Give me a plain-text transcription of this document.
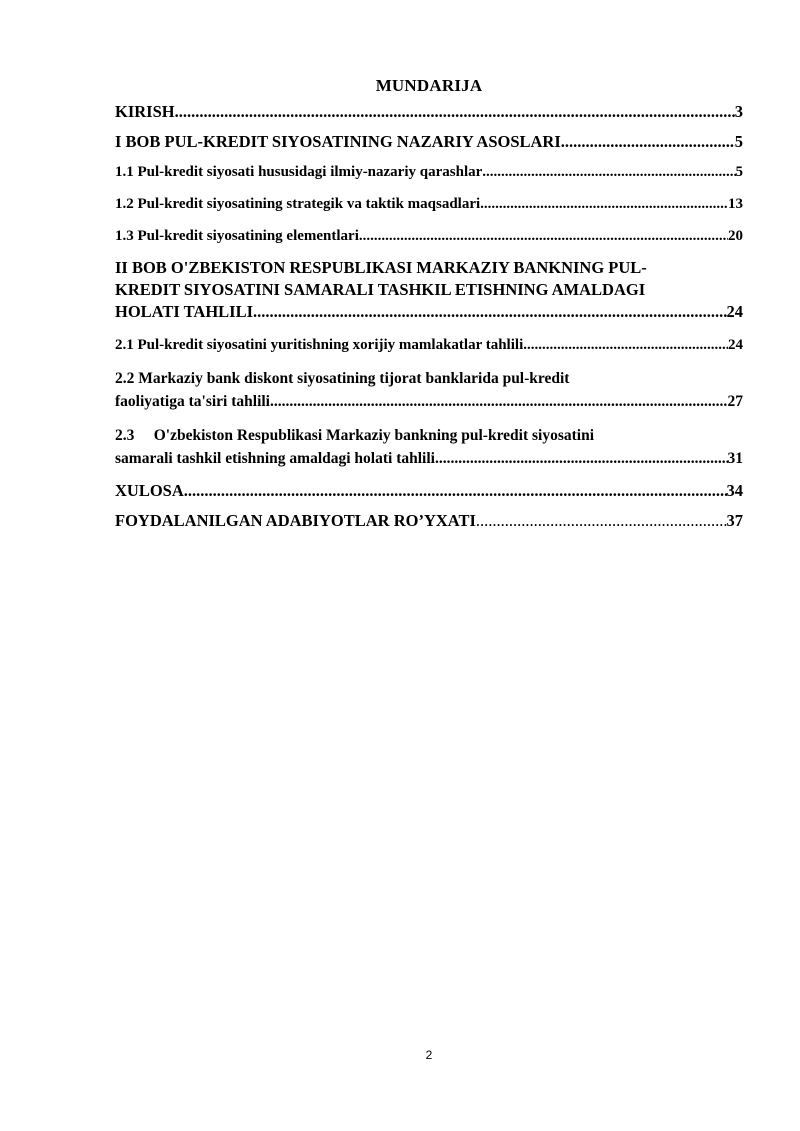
MUNDARIJA
KIRISH .....	3
I BOB PUL-KREDIT SIYOSATINING NAZARIY ASOSLARI .....	5
1.1 Pul-kredit siyosati hususidagi ilmiy-nazariy qarashlar .....	5
1.2 Pul-kredit siyosatining strategik va taktik maqsadlari .....	13
1.3 Pul-kredit siyosatining elementlari .....	20
II BOB O'ZBEKISTON RESPUBLIKASI MARKAZIY BANKNING PUL-
KREDIT SIYOSATINI SAMARALI TASHKIL ETISHNING AMALDAGI
HOLATI TAHLILI .....	24
2.1 Pul-kredit siyosatini yuritishning xorijiy mamlakatlar tahlili .....	24
2.2 Markaziy bank diskont siyosatining tijorat banklarida pul-kredit
faoliyatiga ta'siri tahlili .....	27
2.3     O'zbekiston Respublikasi Markaziy bankning pul-kredit siyosatini
samarali tashkil etishning amaldagi holati tahlili .....	31
XULOSA .....	34
FOYDALANILGAN ADABIYOTLAR RO’YXATI .....	37
2
